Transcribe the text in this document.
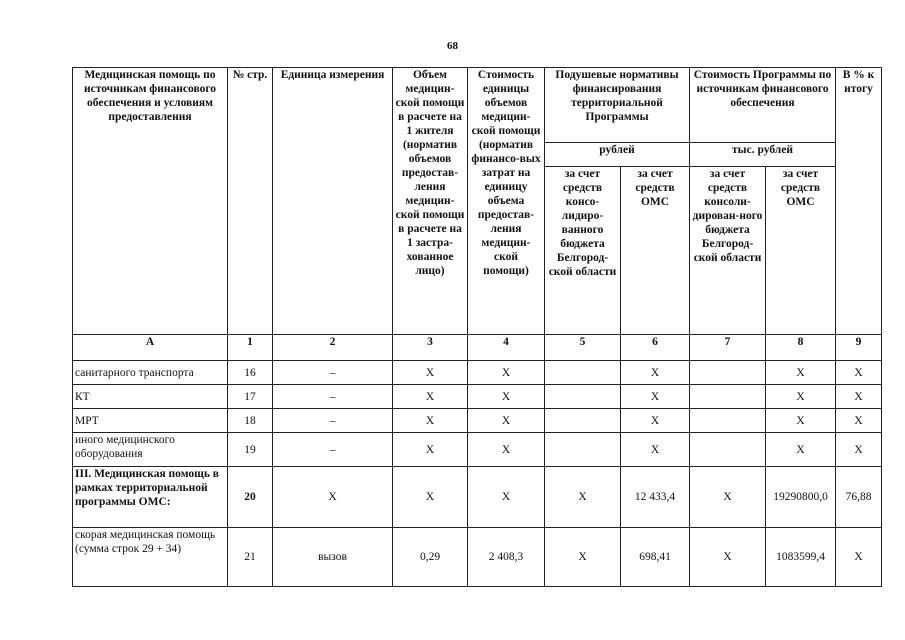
68
Медицинская помощь по источникам финансового обеспечения и условиям предоставления	№ стр.	Единица измерения	Объем медицин-ской помощи в расчете на 1 жителя (норматив объемов предостав-ления медицин-ской помощи в расчете на 1 застра-хованное лицо)	Стоимость единицы объемов медицин-ской помощи (норматив финансо-вых затрат на единицу объема предостав-ления медицин-ской помощи)	Подушевые нормативы финансирования территориальной Программы		Стоимость Программы по источникам финансового обеспечения		В % к итогу
					рублей		тыс. рублей		
					за счет средств консо-лидиро-ванного бюджета Белгород-ской области	за счет средств ОМС	за счет средств консоли-дирован-ного бюджета Белгород-ской области	за счет средств ОМС	
А	1	2	3	4	5	6	7	8	9
санитарного транспорта	16	–	Х	Х		Х		Х	Х
КТ	17	–	Х	Х		Х		Х	Х
МРТ	18	–	Х	Х		Х		Х	Х
иного медицинского оборудования	19	–	Х	Х		Х		Х	Х
III. Медицинская помощь в рамках территориальной программы ОМС:	20	Х	Х	Х	Х	12 433,4	Х	19290800,0	76,88
скорая медицинская помощь (сумма строк 29 + 34)	21	вызов	0,29	2 408,3	Х	698,41	Х	1083599,4	Х
